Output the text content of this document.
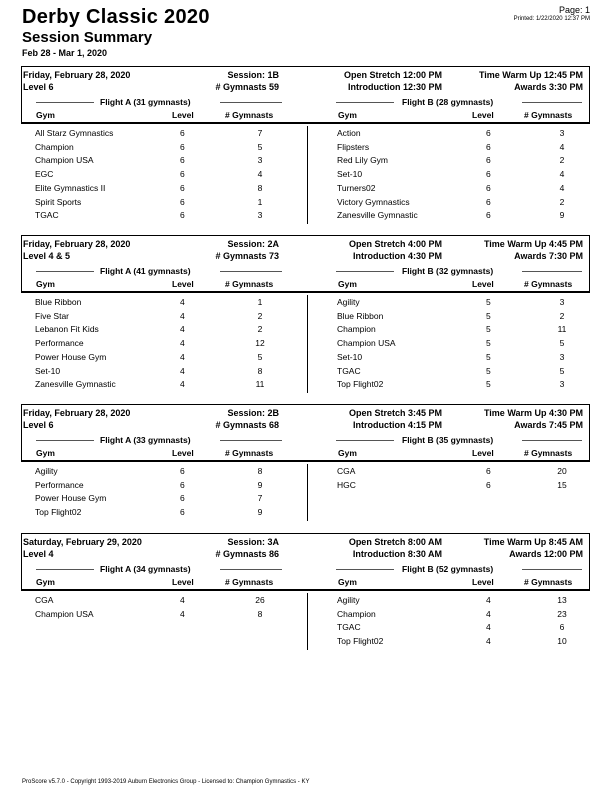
Derby Classic 2020
Session Summary
Feb 28 - Mar 1, 2020
Page: 1
Printed: 1/22/2020 12:37 PM
Friday, February 28, 2020	Session: 1B
Level 6	# Gymnasts 59
Open Stretch 12:00 PM
Introduction 12:30 PM
Time Warm Up 12:45 PM
Awards 3:30 PM
Flight A (31 gymnasts)	Flight B (28 gymnasts)
Gym	Level	# Gymnasts	Gym	Level	# Gymnasts
All Starz Gymnastics	6	7
Champion	6	5
Champion USA	6	3
EGC	6	4
Elite Gymnastics II	6	8
Spirit Sports	6	1
TGAC	6	3
Action	6	3
Flipsters	6	4
Red Lily Gym	6	2
Set-10	6	4
Turners02	6	4
Victory Gymnastics	6	2
Zanesville Gymnastic	6	9
Friday, February 28, 2020	Session: 2A
Level 4 & 5	# Gymnasts 73
Open Stretch 4:00 PM
Introduction 4:30 PM
Time Warm Up 4:45 PM
Awards 7:30 PM
Flight A (41 gymnasts)	Flight B (32 gymnasts)
Gym	Level	# Gymnasts	Gym	Level	# Gymnasts
Blue Ribbon	4	1
Five Star	4	2
Lebanon Fit Kids	4	2
Performance	4	12
Power House Gym	4	5
Set-10	4	8
Zanesville Gymnastic	4	11
Agility	5	3
Blue Ribbon	5	2
Champion	5	11
Champion USA	5	5
Set-10	5	3
TGAC	5	5
Top Flight02	5	3
Friday, February 28, 2020	Session: 2B
Level 6	# Gymnasts 68
Open Stretch 3:45 PM
Introduction 4:15 PM
Time Warm Up 4:30 PM
Awards 7:45 PM
Flight A (33 gymnasts)	Flight B (35 gymnasts)
Gym	Level	# Gymnasts	Gym	Level	# Gymnasts
Agility	6	8
Performance	6	9
Power House Gym	6	7
Top Flight02	6	9
CGA	6	20
HGC	6	15
Saturday, February 29, 2020	Session: 3A
Level 4	# Gymnasts 86
Open Stretch 8:00 AM
Introduction 8:30 AM
Time Warm Up 8:45 AM
Awards 12:00 PM
Flight A (34 gymnasts)	Flight B (52 gymnasts)
Gym	Level	# Gymnasts	Gym	Level	# Gymnasts
CGA	4	26
Champion USA	4	8
Agility	4	13
Champion	4	23
TGAC	4	6
Top Flight02	4	10
ProScore v5.7.0 - Copyright 1993-2019 Auburn Electronics Group - Licensed to: Champion Gymnastics - KY
